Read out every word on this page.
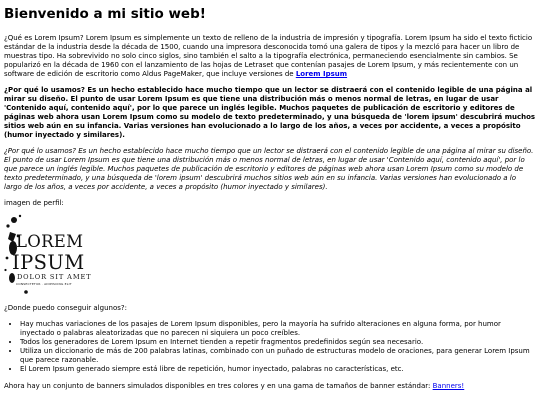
Bienvenido a mi sitio web!

¿Qué es Lorem Ipsum? Lorem Ipsum es simplemente un texto de relleno de la industria de impresión y tipografía. Lorem Ipsum ha sido el texto ficticio estándar de la industria desde la década de 1500, cuando una impresora desconocida tomó una galera de tipos y la mezcló para hacer un libro de muestras tipo. Ha sobrevivido no solo cinco siglos, sino también el salto a la tipografía electrónica, permaneciendo esencialmente sin cambios. Se popularizó en la década de 1960 con el lanzamiento de las hojas de Letraset que contenían pasajes de Lorem Ipsum, y más recientemente con un software de edición de escritorio como Aldus PageMaker, que incluye versiones de Lorem Ipsum

¿Por qué lo usamos? Es un hecho establecido hace mucho tiempo que un lector se distraerá con el contenido legible de una página al mirar su diseño. El punto de usar Lorem Ipsum es que tiene una distribución más o menos normal de letras, en lugar de usar 'Contenido aquí, contenido aquí', por lo que parece un inglés legible. Muchos paquetes de publicación de escritorio y editores de páginas web ahora usan Lorem Ipsum como su modelo de texto predeterminado, y una búsqueda de 'lorem ipsum' descubrirá muchos sitios web aún en su infancia. Varias versiones han evolucionado a lo largo de los años, a veces por accidente, a veces a propósito (humor inyectado y similares).

¿Por qué lo usamos? Es un hecho establecido hace mucho tiempo que un lector se distraerá con el contenido legible de una página al mirar su diseño. El punto de usar Lorem Ipsum es que tiene una distribución más o menos normal de letras, en lugar de usar 'Contenido aquí, contenido aquí', por lo que parece un inglés legible. Muchos paquetes de publicación de escritorio y editores de páginas web ahora usan Lorem Ipsum como su modelo de texto predeterminado, y una búsqueda de 'lorem ipsum' descubrirá muchos sitios web aún en su infancia. Varias versiones han evolucionado a lo largo de los años, a veces por accidente, a veces a propósito (humor inyectado y similares).

imagen de perfil:

LOREM
IPSUM
DOLOR SIT AMET
CONSECTETUR · ADIPISCING ELIT

¿Donde puedo conseguir algunos?:

• Hay muchas variaciones de los pasajes de Lorem Ipsum disponibles, pero la mayoría ha sufrido alteraciones en alguna forma, por humor inyectado o palabras aleatorizadas que no parecen ni siquiera un poco creíbles.
• Todos los generadores de Lorem Ipsum en Internet tienden a repetir fragmentos predefinidos según sea necesario.
• Utiliza un diccionario de más de 200 palabras latinas, combinado con un puñado de estructuras modelo de oraciones, para generar Lorem Ipsum que parece razonable.
• El Lorem Ipsum generado siempre está libre de repetición, humor inyectado, palabras no características, etc.

Ahora hay un conjunto de banners simulados disponibles en tres colores y en una gama de tamaños de banner estándar: Banners!
